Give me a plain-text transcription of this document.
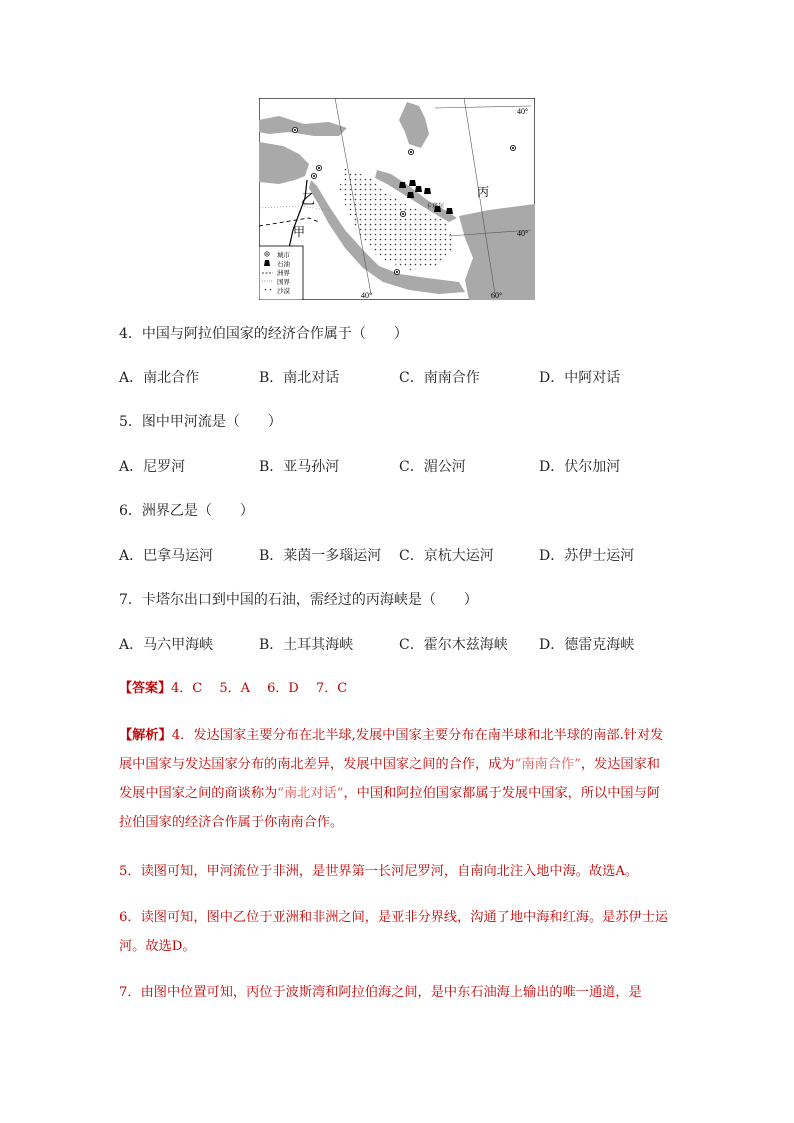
乙
甲
丙
卡塔尔
40°
40°
40°	60°
城市
石油
洲界
国界
沙漠
4．中国与阿拉伯国家的经济合作属于（　　）
A．南北合作	B．南北对话	C．南南合作	D．中阿对话
5．图中甲河流是（　　）
A．尼罗河	B．亚马孙河	C．湄公河	D．伏尔加河
6．洲界乙是（　　）
A．巴拿马运河	B．莱茵一多瑙运河 C．京杭大运河	D．苏伊士运河
7．卡塔尔出口到中国的石油，需经过的丙海峡是（　　）
A．马六甲海峡	B．土耳其海峡	C．霍尔木兹海峡 D．德雷克海峡
【答案】4．C　 5．A　 6．D　 7．C
【解析】4．发达国家主要分布在北半球,发展中国家主要分布在南半球和北半球的南部.针对发展中国家与发达国家分布的南北差异，发展中国家之间的合作，成为“南南合作”，发达国家和发展中国家之间的商谈称为“南北对话”，中国和阿拉伯国家都属于发展中国家，所以中国与阿拉伯国家的经济合作属于你南南合作。
5．读图可知，甲河流位于非洲，是世界第一长河尼罗河，自南向北注入地中海。故选A。
6．读图可知，图中乙位于亚洲和非洲之间，是亚非分界线，沟通了地中海和红海。是苏伊士运河。故选D。
7．由图中位置可知，丙位于波斯湾和阿拉伯海之间，是中东石油海上输出的唯一通道，是
